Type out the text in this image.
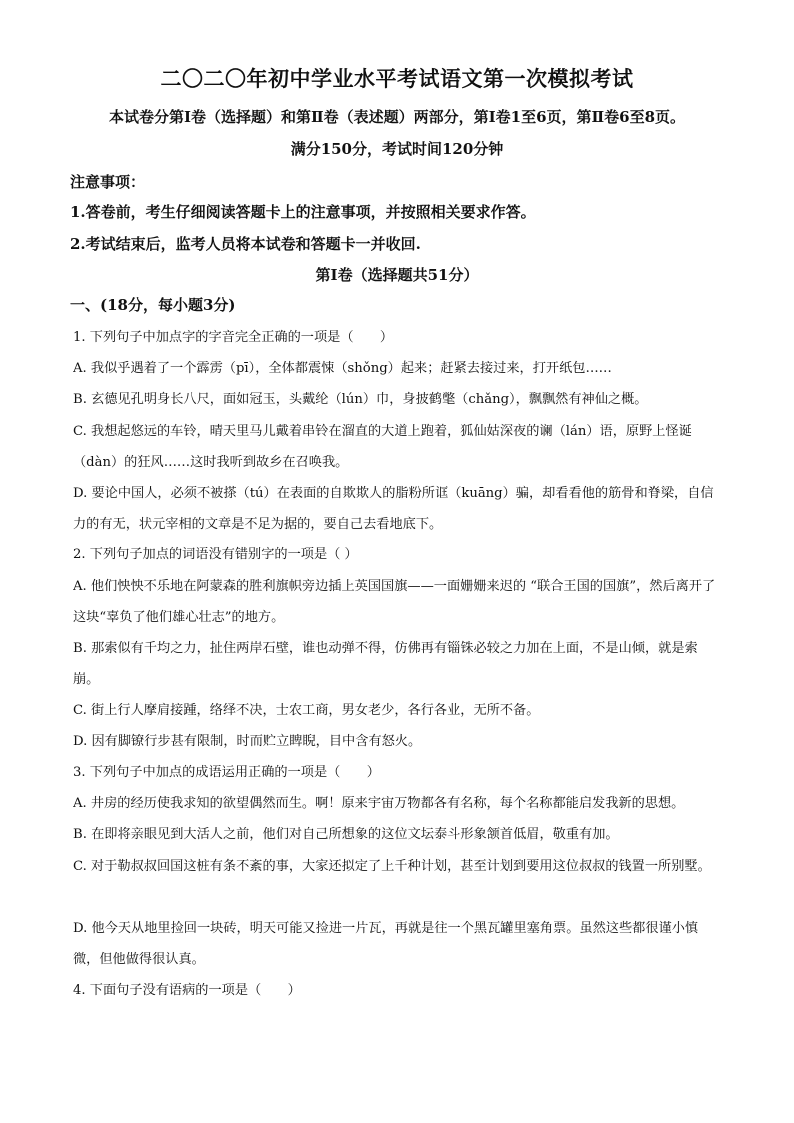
二〇二〇年初中学业水平考试语文第一次模拟考试
本试卷分第Ⅰ卷（选择题）和第Ⅱ卷（表述题）两部分，第Ⅰ卷1至6页，第Ⅱ卷6至8页。
满分150分，考试时间120分钟
注意事项：
1.答卷前，考生仔细阅读答题卡上的注意事项，并按照相关要求作答。
2.考试结束后，监考人员将本试卷和答题卡一并收回.
第Ⅰ卷（选择题共51分）
一、(18分，每小题3分)
1. 下列句子中加点字的字音完全正确的一项是（　　）
A. 我似乎遇着了一个霹雳（pī），全体都震悚（shǒng）起来；赶紧去接过来，打开纸包……
B. 玄德见孔明身长八尺，面如冠玉，头戴纶（lún）巾，身披鹤氅（chǎng），飘飘然有神仙之概。
C. 我想起悠远的车铃，晴天里马儿戴着串铃在溜直的大道上跑着，狐仙姑深夜的谰（lán）语，原野上怪诞（dàn）的狂风……这时我听到故乡在召唤我。
D. 要论中国人，必须不被搽（tú）在表面的自欺欺人的脂粉所诓（kuāng）骗，却看看他的筋骨和脊梁，自信力的有无，状元宰相的文章是不足为据的，要自己去看地底下。
2. 下列句子加点的词语没有错别字的一项是（ ）
A. 他们怏怏不乐地在阿蒙森的胜利旗帜旁边插上英国国旗——一面姗姗来迟的 “联合王国的国旗”，然后离开了这块“辜负了他们雄心壮志”的地方。
B. 那索似有千均之力，扯住两岸石壁，谁也动弹不得，仿佛再有锱铢必较之力加在上面，不是山倾，就是索崩。
C. 街上行人摩肩接踵，络绎不决，士农工商，男女老少，各行各业，无所不备。
D. 因有脚镣行步甚有限制，时而贮立睥睨，目中含有怒火。
3. 下列句子中加点的成语运用正确的一项是（　　）
A. 井房的经历使我求知的欲望偶然而生。啊！原来宇宙万物都各有名称，每个名称都能启发我新的思想。
B. 在即将亲眼见到大活人之前，他们对自己所想象的这位文坛泰斗形象颔首低眉，敬重有加。
C. 对于勒叔叔回国这桩有条不紊的事，大家还拟定了上千种计划，甚至计划到要用这位叔叔的钱置一所别墅。
D. 他今天从地里捡回一块砖，明天可能又捡进一片瓦，再就是往一个黑瓦罐里塞角票。虽然这些都很谨小慎微，但他做得很认真。
4. 下面句子没有语病的一项是（　　）
